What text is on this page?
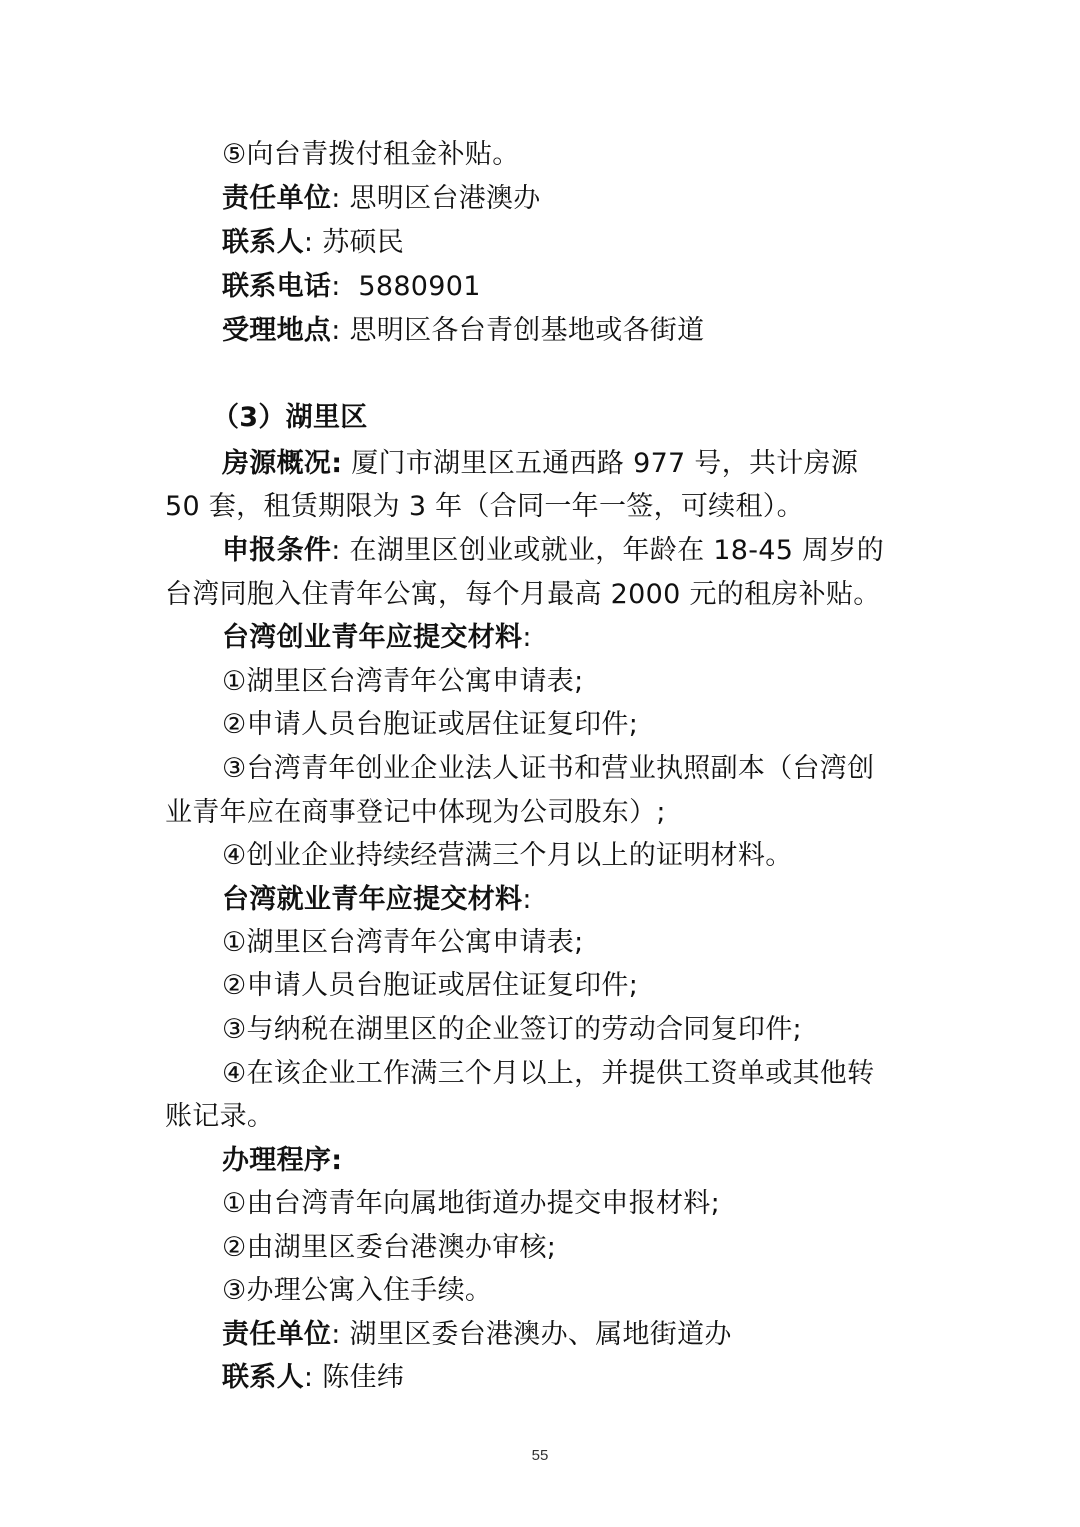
⑤向台青拨付租金补贴。
责任单位: 思明区台港澳办
联系人: 苏硕民
联系电话: 5880901
受理地点: 思明区各台青创基地或各街道
（3）湖里区
房源概况: 厦门市湖里区五通西路 977 号，共计房源
50 套，租赁期限为 3 年（合同一年一签，可续租）。
申报条件: 在湖里区创业或就业，年龄在 18-45 周岁的
台湾同胞入住青年公寓，每个月最高 2000 元的租房补贴。
台湾创业青年应提交材料:
①湖里区台湾青年公寓申请表;
②申请人员台胞证或居住证复印件;
③台湾青年创业企业法人证书和营业执照副本（台湾创
业青年应在商事登记中体现为公司股东）;
④创业企业持续经营满三个月以上的证明材料。
台湾就业青年应提交材料:
①湖里区台湾青年公寓申请表;
②申请人员台胞证或居住证复印件;
③与纳税在湖里区的企业签订的劳动合同复印件;
④在该企业工作满三个月以上，并提供工资单或其他转
账记录。
办理程序:
①由台湾青年向属地街道办提交申报材料;
②由湖里区委台港澳办审核;
③办理公寓入住手续。
责任单位: 湖里区委台港澳办、属地街道办
联系人: 陈佳纬
55
